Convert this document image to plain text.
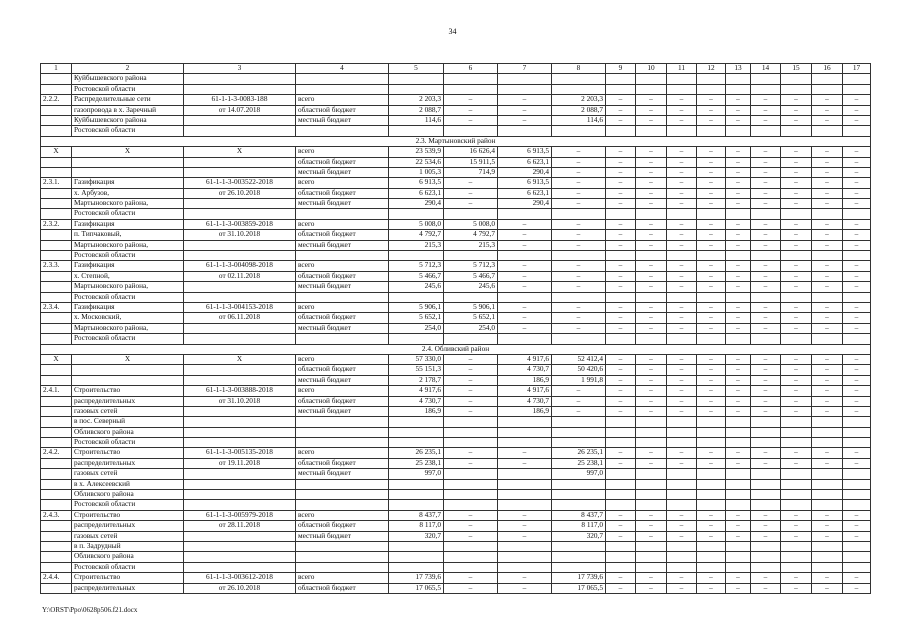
34
1	2	3	4	5	6	7	8	9	10	11	12	13	14	15	16	17
	Куйбышевского района															
	Ростовской области															
2.2.2.	Распределительные сети	61-1-1-3-0083-188	всего	2 203,3	–	–	2 203,3	–	–	–	–	–	–	–	–	–
	газопровода в х. Заречный	от 14.07.2018	областной бюджет	2 088,7	–	–	2 088,7	–	–	–	–	–	–	–	–	–
	Куйбышевского района		местный бюджет	114,6	–	–	114,6	–	–	–	–	–	–	–	–	–
	Ростовской области															
2.3. Мартыновский район																
Х	Х	Х	всего	23 539,9	16 626,4	6 913,5	–	–	–	–	–	–	–	–	–	–
			областной бюджет	22 534,6	15 911,5	6 623,1	–	–	–	–	–	–	–	–	–	–
			местный бюджет	1 005,3	714,9	290,4	–	–	–	–	–	–	–	–	–	–
2.3.1.	Газификация	61-1-1-3-003522-2018	всего	6 913,5	–	6 913,5	–	–	–	–	–	–	–	–	–	–
	х. Арбузов,	от 26.10.2018	областной бюджет	6 623,1	–	6 623,1	–	–	–	–	–	–	–	–	–	–
	Мартыновского района,		местный бюджет	290,4	–	290,4	–	–	–	–	–	–	–	–	–	–
	Ростовской области															
2.3.2.	Газификация	61-1-1-3-003859-2018	всего	5 008,0	5 008,0	–	–	–	–	–	–	–	–	–	–	–
	п. Типчаковый,	от 31.10.2018	областной бюджет	4 792,7	4 792,7	–	–	–	–	–	–	–	–	–	–	–
	Мартыновского района,		местный бюджет	215,3	215,3	–	–	–	–	–	–	–	–	–	–	–
	Ростовской области															
2.3.3.	Газификация	61-1-1-3-004098-2018	всего	5 712,3	5 712,3	–	–	–	–	–	–	–	–	–	–	–
	х. Степной,	от 02.11.2018	областной бюджет	5 466,7	5 466,7	–	–	–	–	–	–	–	–	–	–	–
	Мартыновского района,		местный бюджет	245,6	245,6	–	–	–	–	–	–	–	–	–	–	–
	Ростовской области															
2.3.4.	Газификация	61-1-1-3-004153-2018	всего	5 906,1	5 906,1	–	–	–	–	–	–	–	–	–	–	–
	х. Московский,	от 06.11.2018	областной бюджет	5 652,1	5 652,1	–	–	–	–	–	–	–	–	–	–	–
	Мартыновского района,		местный бюджет	254,0	254,0	–	–	–	–	–	–	–	–	–	–	–
	Ростовской области															
2.4. Обливский район																
Х	Х	Х	всего	57 330,0	–	4 917,6	52 412,4	–	–	–	–	–	–	–	–	–
			областной бюджет	55 151,3	–	4 730,7	50 420,6	–	–	–	–	–	–	–	–	–
			местный бюджет	2 178,7	–	186,9	1 991,8	–	–	–	–	–	–	–	–	–
2.4.1.	Строительство	61-1-1-3-003888-2018	всего	4 917,6	–	4 917,6	–	–	–	–	–	–	–	–	–	–
	распределительных	от 31.10.2018	областной бюджет	4 730,7	–	4 730,7	–	–	–	–	–	–	–	–	–	–
	газовых сетей		местный бюджет	186,9	–	186,9	–	–	–	–	–	–	–	–	–	–
	в пос. Северный															
	Обливского района															
	Ростовской области															
2.4.2.	Строительство	61-1-1-3-005135-2018	всего	26 235,1	–	–	26 235,1	–	–	–	–	–	–	–	–	–
	распределительных	от 19.11.2018	областной бюджет	25 238,1	–	–	25 238,1	–	–	–	–	–	–	–	–	–
	газовых сетей		местный бюджет	997,0			997,0									
	в х. Алексеевский															
	Обливского района															
	Ростовской области															
2.4.3.	Строительство	61-1-1-3-005979-2018	всего	8 437,7	–	–	8 437,7	–	–	–	–	–	–	–	–	–
	распределительных	от 28.11.2018	областной бюджет	8 117,0	–	–	8 117,0	–	–	–	–	–	–	–	–	–
	газовых сетей		местный бюджет	320,7	–	–	320,7	–	–	–	–	–	–	–	–	–
	в п. Задрудный															
	Обливского района															
	Ростовской области															
2.4.4.	Строительство	61-1-1-3-003612-2018	всего	17 739,6	–	–	17 739,6	–	–	–	–	–	–	–	–	–
	распределительных	от 26.10.2018	областной бюджет	17 065,5	–	–	17 065,5	–	–	–	–	–	–	–	–	–
Y:\ORST\Ppo\0628p506.f21.docx
